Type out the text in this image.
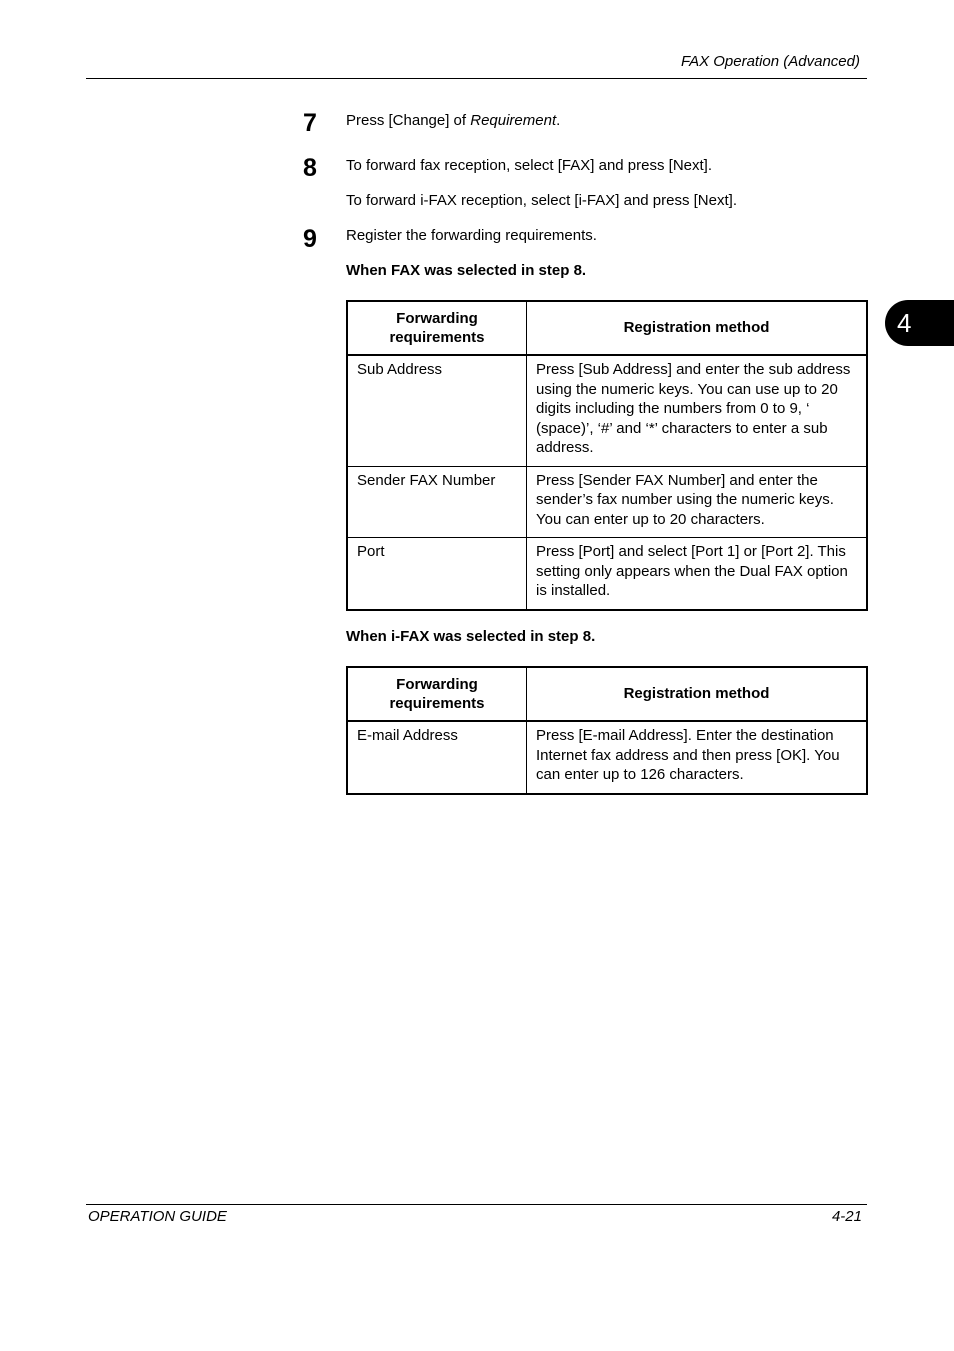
FAX Operation (Advanced)
4
7 Press [Change] of Requirement.
8 To forward fax reception, select [FAX] and press [Next].
To forward i-FAX reception, select [i-FAX] and press [Next].
9 Register the forwarding requirements.
When FAX was selected in step 8.
Forwarding requirements	Registration method
Sub Address	Press [Sub Address] and enter the sub address using the numeric keys. You can use up to 20 digits including the numbers from 0 to 9, ‘ (space)’, ‘#’ and ‘*’ characters to enter a sub address.
Sender FAX Number	Press [Sender FAX Number] and enter the sender’s fax number using the numeric keys. You can enter up to 20 characters.
Port	Press [Port] and select [Port 1] or [Port 2]. This setting only appears when the Dual FAX option is installed.
When i-FAX was selected in step 8.
Forwarding requirements	Registration method
E-mail Address	Press [E-mail Address]. Enter the destination Internet fax address and then press [OK]. You can enter up to 126 characters.
OPERATION GUIDE	4-21
